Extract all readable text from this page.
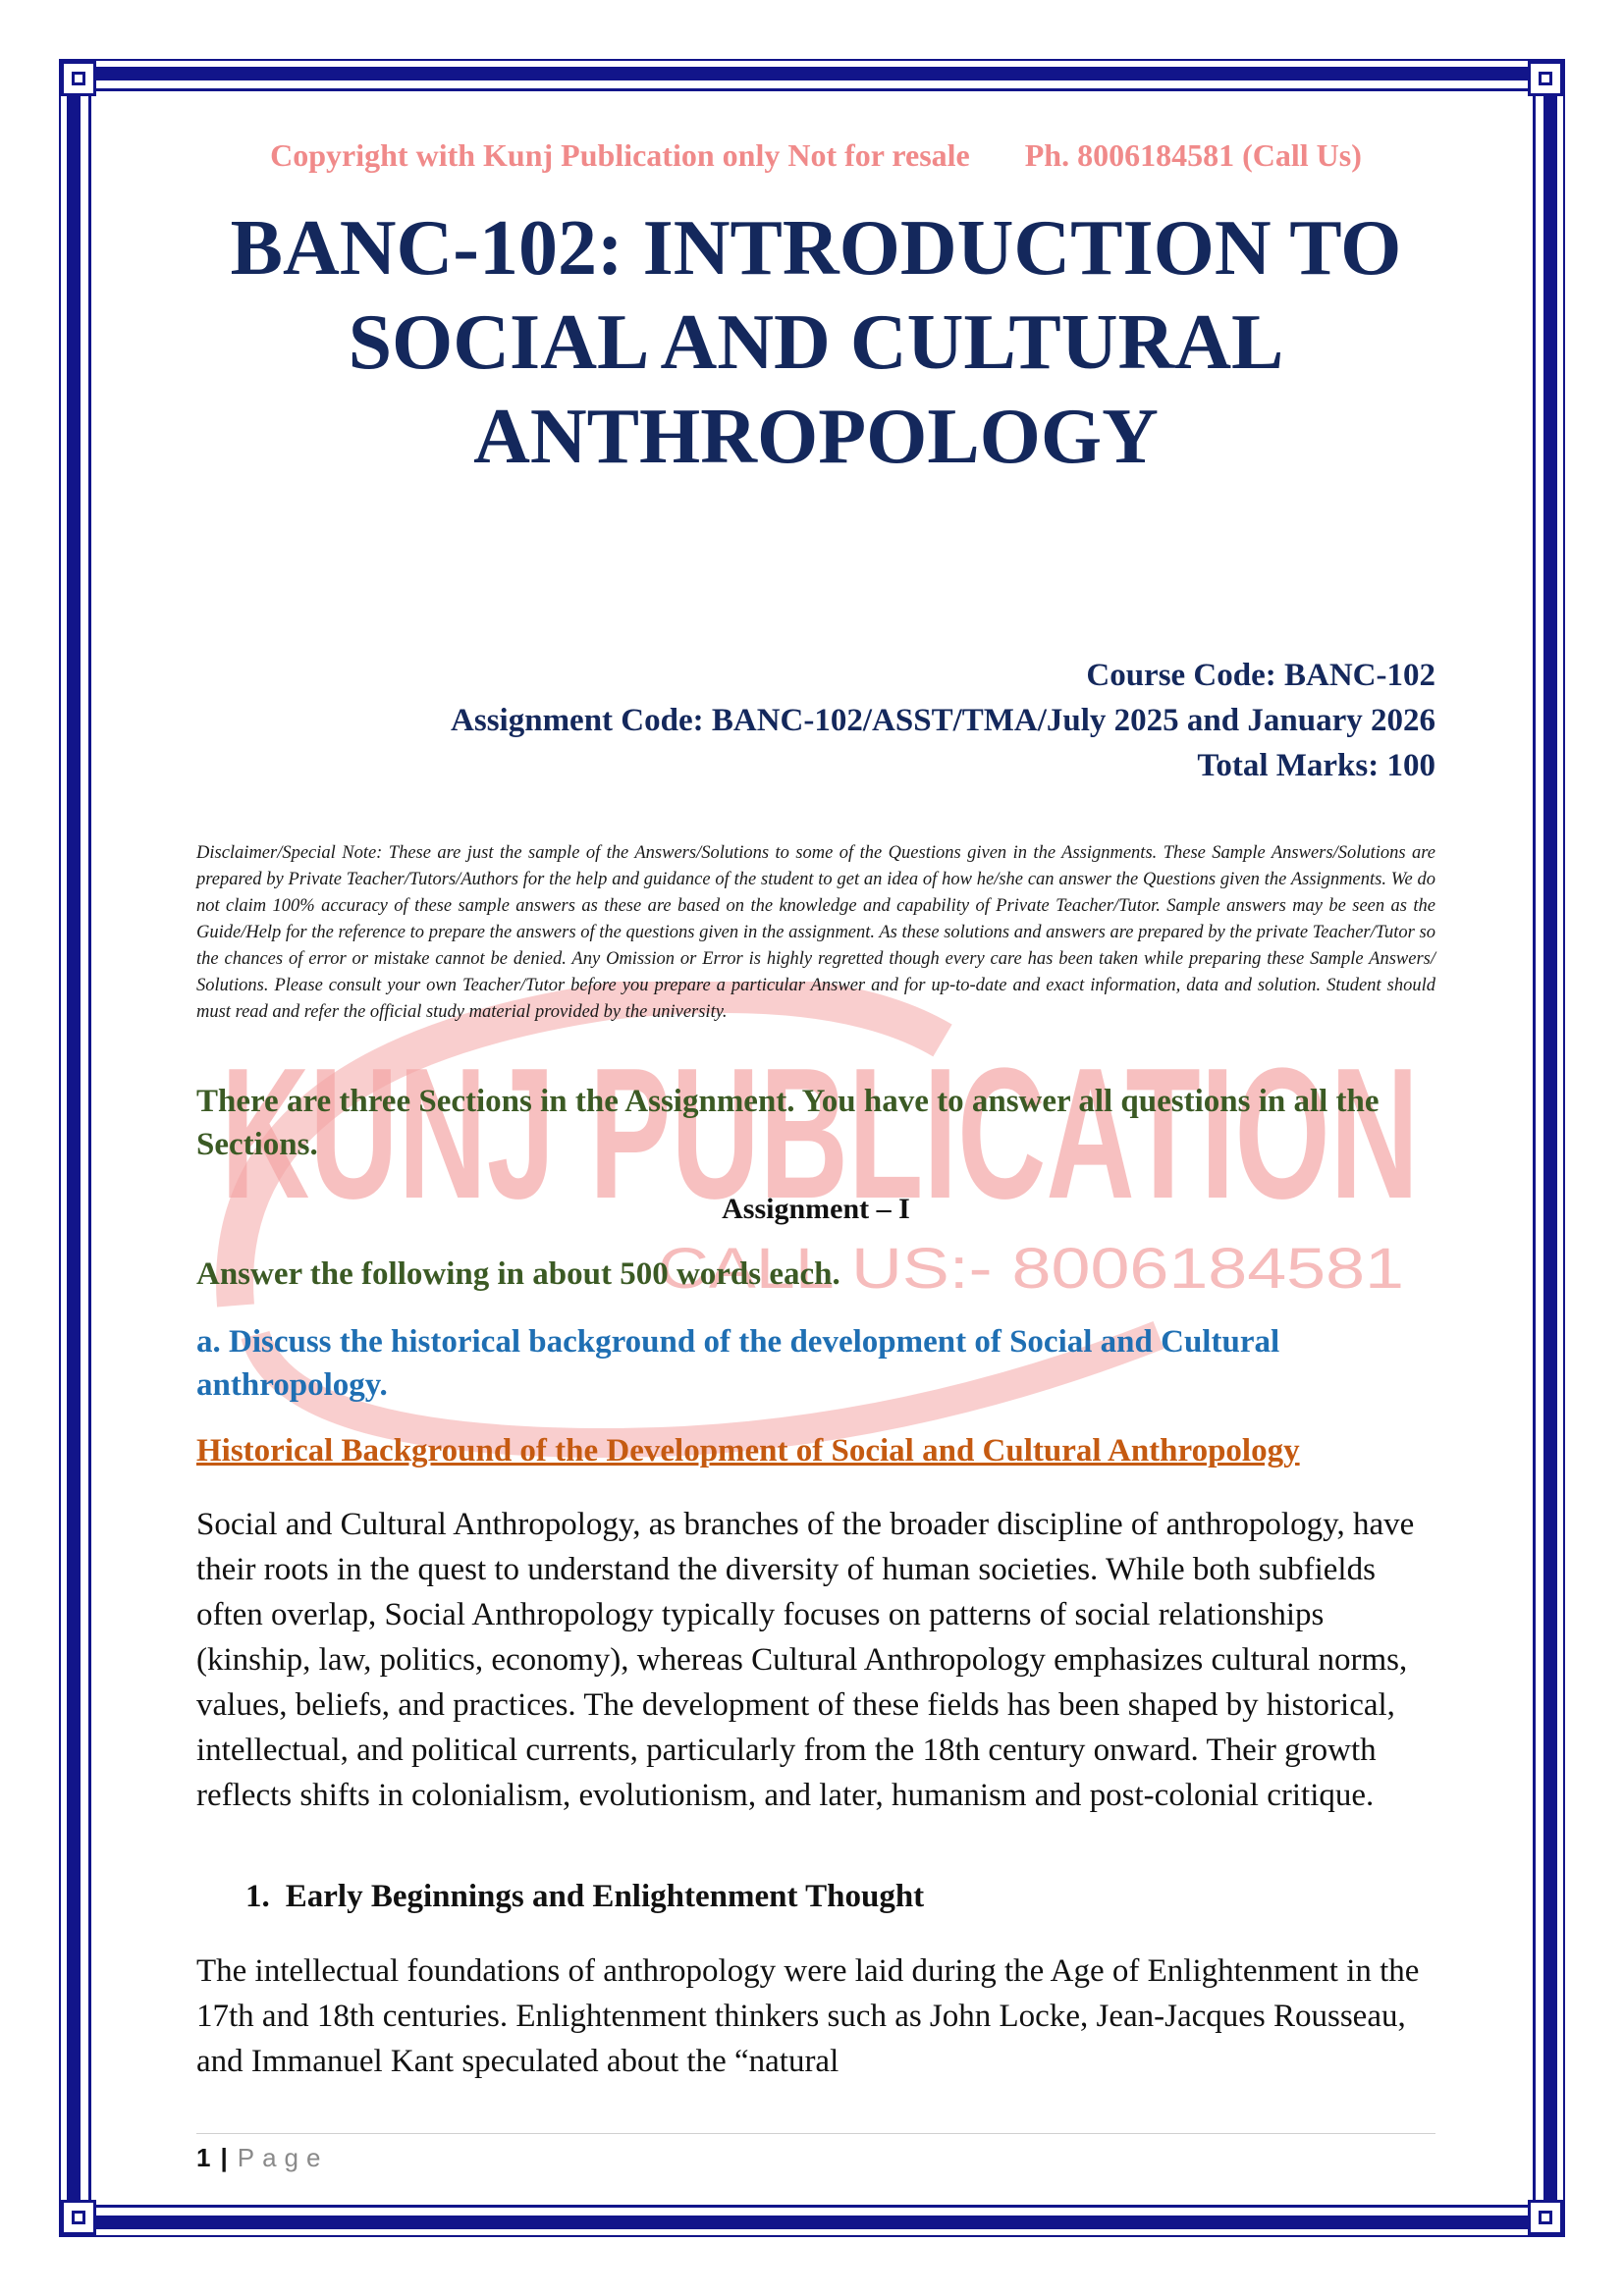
KUNJ PUBLICATION
CALL US:- 8006184581
Copyright with Kunj Publication only Not for resale Ph. 8006184581 (Call Us)
BANC-102: INTRODUCTION TO
SOCIAL AND CULTURAL
ANTHROPOLOGY
Course Code: BANC-102
Assignment Code: BANC-102/ASST/TMA/July 2025 and January 2026
Total Marks: 100

Disclaimer/Special Note: These are just the sample of the Answers/Solutions to some of the Questions given in the Assignments. These Sample Answers/Solutions are prepared by Private Teacher/Tutors/Authors for the help and guidance of the student to get an idea of how he/she can answer the Questions given the Assignments. We do not claim 100% accuracy of these sample answers as these are based on the knowledge and capability of Private Teacher/Tutor. Sample answers may be seen as the Guide/Help for the reference to prepare the answers of the questions given in the assignment. As these solutions and answers are prepared by the private Teacher/Tutor so the chances of error or mistake cannot be denied. Any Omission or Error is highly regretted though every care has been taken while preparing these Sample Answers/ Solutions. Please consult your own Teacher/Tutor before you prepare a particular Answer and for up-to-date and exact information, data and solution. Student should must read and refer the official study material provided by the university.

There are three Sections in the Assignment. You have to answer all questions in all the Sections.

Assignment – I

Answer the following in about 500 words each.

a. Discuss the historical background of the development of Social and Cultural anthropology.

Historical Background of the Development of Social and Cultural Anthropology

Social and Cultural Anthropology, as branches of the broader discipline of anthropology, have their roots in the quest to understand the diversity of human societies. While both subfields often overlap, Social Anthropology typically focuses on patterns of social relationships (kinship, law, politics, economy), whereas Cultural Anthropology emphasizes cultural norms, values, beliefs, and practices. The development of these fields has been shaped by historical, intellectual, and political currents, particularly from the 18th century onward. Their growth reflects shifts in colonialism, evolutionism, and later, humanism and post-colonial critique.

1. Early Beginnings and Enlightenment Thought

The intellectual foundations of anthropology were laid during the Age of Enlightenment in the 17th and 18th centuries. Enlightenment thinkers such as John Locke, Jean-Jacques Rousseau, and Immanuel Kant speculated about the “natural

1 | Page
